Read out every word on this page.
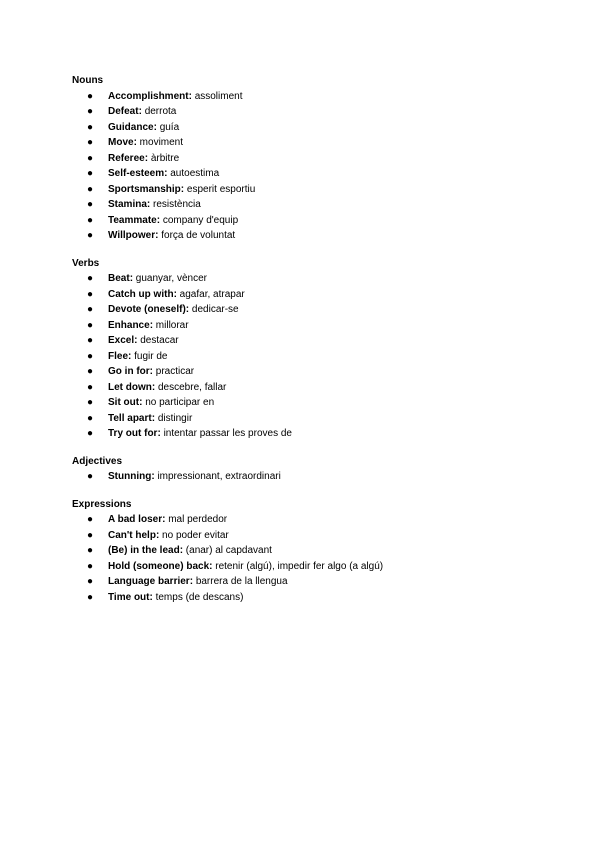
Nouns
● Accomplishment: assoliment
● Defeat: derrota
● Guidance: guía
● Move: moviment
● Referee: àrbitre
● Self-esteem: autoestima
● Sportsmanship: esperit esportiu
● Stamina: resistència
● Teammate: company d'equip
● Willpower: força de voluntat
Verbs
● Beat: guanyar, vèncer
● Catch up with: agafar, atrapar
● Devote (oneself): dedicar-se
● Enhance: millorar
● Excel: destacar
● Flee: fugir de
● Go in for: practicar
● Let down: descebre, fallar
● Sit out: no participar en
● Tell apart: distingir
● Try out for: intentar passar les proves de
Adjectives
● Stunning: impressionant, extraordinari
Expressions
● A bad loser: mal perdedor
● Can't help: no poder evitar
● (Be) in the lead: (anar) al capdavant
● Hold (someone) back: retenir (algú), impedir fer algo (a algú)
● Language barrier: barrera de la llengua
● Time out: temps (de descans)
